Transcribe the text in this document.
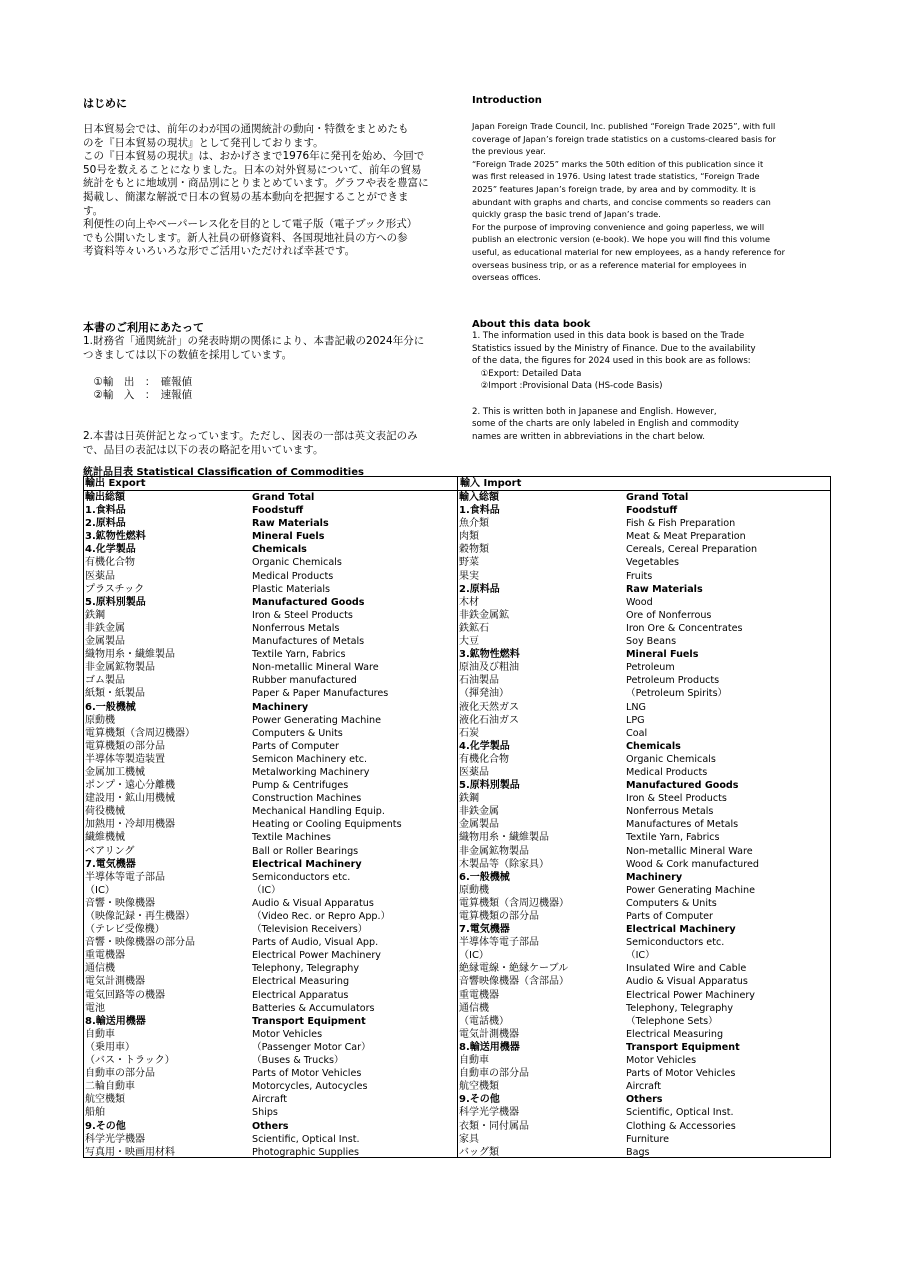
はじめに
日本貿易会では、前年のわが国の通関統計の動向・特徴をまとめたも
のを『日本貿易の現状』として発刊しております。
この『日本貿易の現状』は、おかげさまで1976年に発刊を始め、今回で
50号を数えることになりました。日本の対外貿易について、前年の貿易
統計をもとに地域別・商品別にとりまとめています。グラフや表を豊富に
掲載し、簡潔な解説で日本の貿易の基本動向を把握することができま
す。
利便性の向上やペーパーレス化を目的として電子版（電子ブック形式）
でも公開いたします。新人社員の研修資料、各国現地社員の方への参
考資料等々いろいろな形でご活用いただければ幸甚です。
Introduction
Japan Foreign Trade Council, Inc. published “Foreign Trade 2025”, with full
coverage of Japan’s foreign trade statistics on a customs-cleared basis for
the previous year.
“Foreign Trade 2025” marks the 50th edition of this publication since it
was first released in 1976. Using latest trade statistics, “Foreign Trade
2025” features Japan’s foreign trade, by area and by commodity. It is
abundant with graphs and charts, and concise comments so readers can
quickly grasp the basic trend of Japan’s trade.
For the purpose of improving convenience and going paperless, we will
publish an electronic version (e-book). We hope you will find this volume
useful, as educational material for new employees, as a handy reference for
overseas business trip, or as a reference material for employees in
overseas offices.
本書のご利用にあたって
1.財務省「通関統計」の発表時期の関係により、本書記載の2024年分に
つきましては以下の数値を採用しています。

　①輸　出　：　確報値
　②輸　入　：　速報値

2.本書は日英併記となっています。ただし、図表の一部は英文表記のみ
で、品目の表記は以下の表の略記を用いています。
About this data book
1. The information used in this data book is based on the Trade
Statistics issued by the Ministry of Finance. Due to the availability
of the data, the figures for 2024 used in this book are as follows:
　①Export: Detailed Data
　②Import :Provisional Data (HS-code Basis)

2. This is written both in Japanese and English. However,
some of the charts are only labeled in English and commodity
names are written in abbreviations in the chart below.
統計品目表 Statistical Classification of Commodities
輸出 Export	輸入 Import
輸出総額	Grand Total
1.食料品	Foodstuff
2.原料品	Raw Materials
3.鉱物性燃料	Mineral Fuels
4.化学製品	Chemicals
有機化合物	Organic Chemicals
医薬品	Medical Products
プラスチック	Plastic Materials
5.原料別製品	Manufactured Goods
鉄鋼	Iron & Steel Products
非鉄金属	Nonferrous Metals
金属製品	Manufactures of Metals
織物用糸・繊維製品	Textile Yarn, Fabrics
非金属鉱物製品	Non-metallic Mineral Ware
ゴム製品	Rubber manufactured
紙類・紙製品	Paper & Paper Manufactures
6.一般機械	Machinery
原動機	Power Generating Machine
電算機類（含周辺機器）	Computers & Units
電算機類の部分品	Parts of Computer
半導体等製造装置	Semicon Machinery etc.
金属加工機械	Metalworking Machinery
ポンプ・遠心分離機	Pump & Centrifuges
建設用・鉱山用機械	Construction Machines
荷役機械	Mechanical Handling Equip.
加熱用・冷却用機器	Heating or Cooling Equipments
繊維機械	Textile Machines
ベアリング	Ball or Roller Bearings
7.電気機器	Electrical Machinery
半導体等電子部品	Semiconductors etc.
（IC）	（IC）
音響・映像機器	Audio & Visual Apparatus
（映像記録・再生機器）	（Video Rec. or Repro App.）
（テレビ受像機）	（Television Receivers）
音響・映像機器の部分品	Parts of Audio, Visual App.
重電機器	Electrical Power Machinery
通信機	Telephony, Telegraphy
電気計測機器	Electrical Measuring
電気回路等の機器	Electrical Apparatus
電池	Batteries & Accumulators
8.輸送用機器	Transport Equipment
自動車	Motor Vehicles
（乗用車）	（Passenger Motor Car）
（バス・トラック）	（Buses & Trucks）
自動車の部分品	Parts of Motor Vehicles
二輪自動車	Motorcycles, Autocycles
航空機類	Aircraft
船舶	Ships
9.その他	Others
科学光学機器	Scientific, Optical Inst.
写真用・映画用材料	Photographic Supplies
輸入総額	Grand Total
1.食料品	Foodstuff
魚介類	Fish & Fish Preparation
肉類	Meat & Meat Preparation
穀物類	Cereals, Cereal Preparation
野菜	Vegetables
果実	Fruits
2.原料品	Raw Materials
木材	Wood
非鉄金属鉱	Ore of Nonferrous
鉄鉱石	Iron Ore & Concentrates
大豆	Soy Beans
3.鉱物性燃料	Mineral Fuels
原油及び粗油	Petroleum
石油製品	Petroleum Products
（揮発油）	（Petroleum Spirits）
液化天然ガス	LNG
液化石油ガス	LPG
石炭	Coal
4.化学製品	Chemicals
有機化合物	Organic Chemicals
医薬品	Medical Products
5.原料別製品	Manufactured Goods
鉄鋼	Iron & Steel Products
非鉄金属	Nonferrous Metals
金属製品	Manufactures of Metals
織物用糸・繊維製品	Textile Yarn, Fabrics
非金属鉱物製品	Non-metallic Mineral Ware
木製品等（除家具）	Wood & Cork manufactured
6.一般機械	Machinery
原動機	Power Generating Machine
電算機類（含周辺機器）	Computers & Units
電算機類の部分品	Parts of Computer
7.電気機器	Electrical Machinery
半導体等電子部品	Semiconductors etc.
（IC）	（IC）
絶縁電線・絶縁ケーブル	Insulated Wire and Cable
音響映像機器（含部品）	Audio & Visual Apparatus
重電機器	Electrical Power Machinery
通信機	Telephony, Telegraphy
（電話機）	（Telephone Sets）
電気計測機器	Electrical Measuring
8.輸送用機器	Transport Equipment
自動車	Motor Vehicles
自動車の部分品	Parts of Motor Vehicles
航空機類	Aircraft
9.その他	Others
科学光学機器	Scientific, Optical Inst.
衣類・同付属品	Clothing & Accessories
家具	Furniture
バッグ類	Bags
